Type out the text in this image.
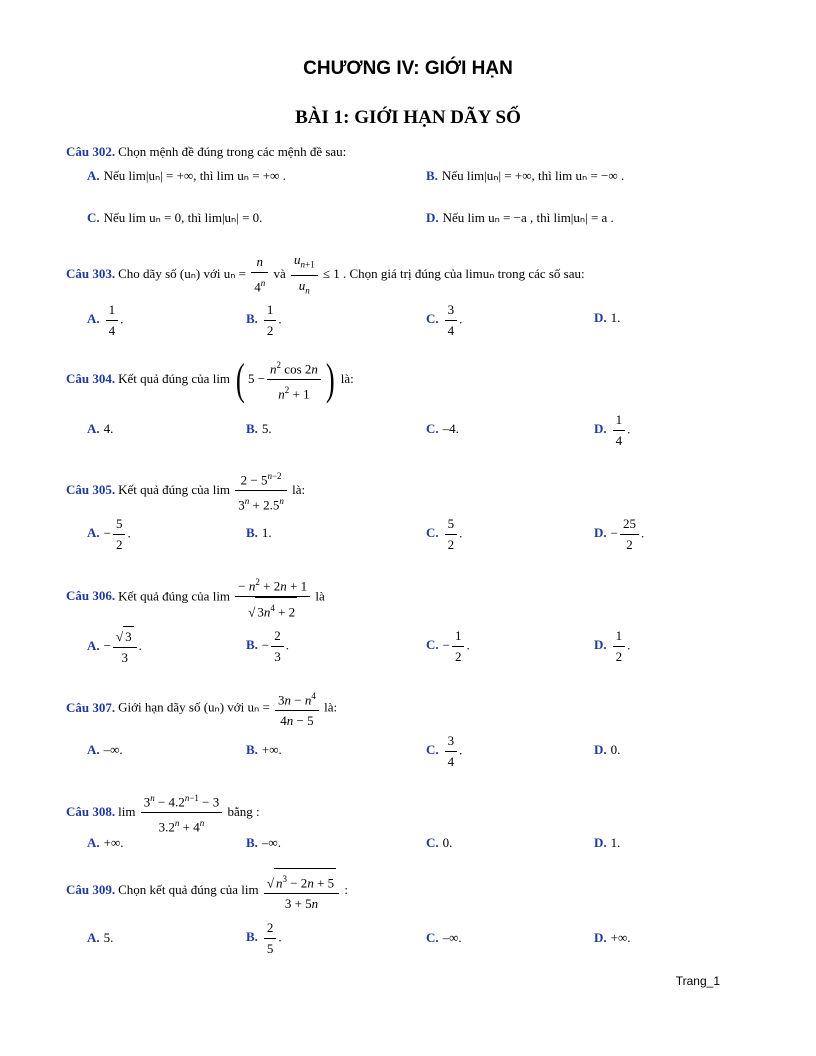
CHƯƠNG IV: GIỚI HẠN
BÀI 1: GIỚI HẠN DÃY SỐ
Câu 302. Chọn mệnh đề đúng trong các mệnh đề sau:
A. Nếu lim|uₙ| = +∞, thì lim uₙ = +∞ .	B. Nếu lim|uₙ| = +∞, thì lim uₙ = −∞ .
C. Nếu lim uₙ = 0, thì lim|uₙ| = 0.	D. Nếu lim uₙ = −a , thì lim|uₙ| = a .
Câu 303. Cho dãy số (uₙ) với $u_n = \frac{n}{4^n}$ và $\frac{u_{n+1}}{u_n} \le 1$ . Chọn giá trị đúng của limuₙ trong các số sau:
A. $\frac{1}{4}$ .	B. $\frac{1}{2}$ .	C. $\frac{3}{4}$ .	D. 1.
Câu 304. Kết quả đúng của lim ( $5 - \frac{n^2 \cos 2n}{n^2 + 1}$ ) là:
A. 4.	B. 5.	C. –4.	D. $\frac{1}{4}$ .
Câu 305. Kết quả đúng của $\lim \frac{2 - 5^{n-2}}{3^n + 2.5^n}$ là:
A. − $\frac{5}{2}$ .	B. 1.	C. $\frac{5}{2}$ .	D. − $\frac{25}{2}$ .
Câu 306. Kết quả đúng của $\lim \frac{- n^2 + 2n + 1}{√ 3n^4 + 2}$ là
A. − $\frac{√ 3}{3}$ .	B. − $\frac{2}{3}$ .	C. − $\frac{1}{2}$ .	D. $\frac{1}{2}$ .
Câu 307. Giới hạn dãy số (uₙ) với $u_n = \frac{3n - n^4}{4n - 5}$ là:
A. –∞.	B. +∞.	C. $\frac{3}{4}$ .	D. 0.
Câu 308. $\lim \frac{3^n - 4.2^{n-1} - 3}{3.2^n + 4^n}$ bằng :
A. +∞.	B. –∞.	C. 0.	D. 1.
Câu 309. Chọn kết quả đúng của $\lim \frac{√ n^3 - 2n + 5}{3 + 5n}$ :
A. 5.	B. $\frac{2}{5}$ .	C. –∞.	D. +∞.
Trang_1
